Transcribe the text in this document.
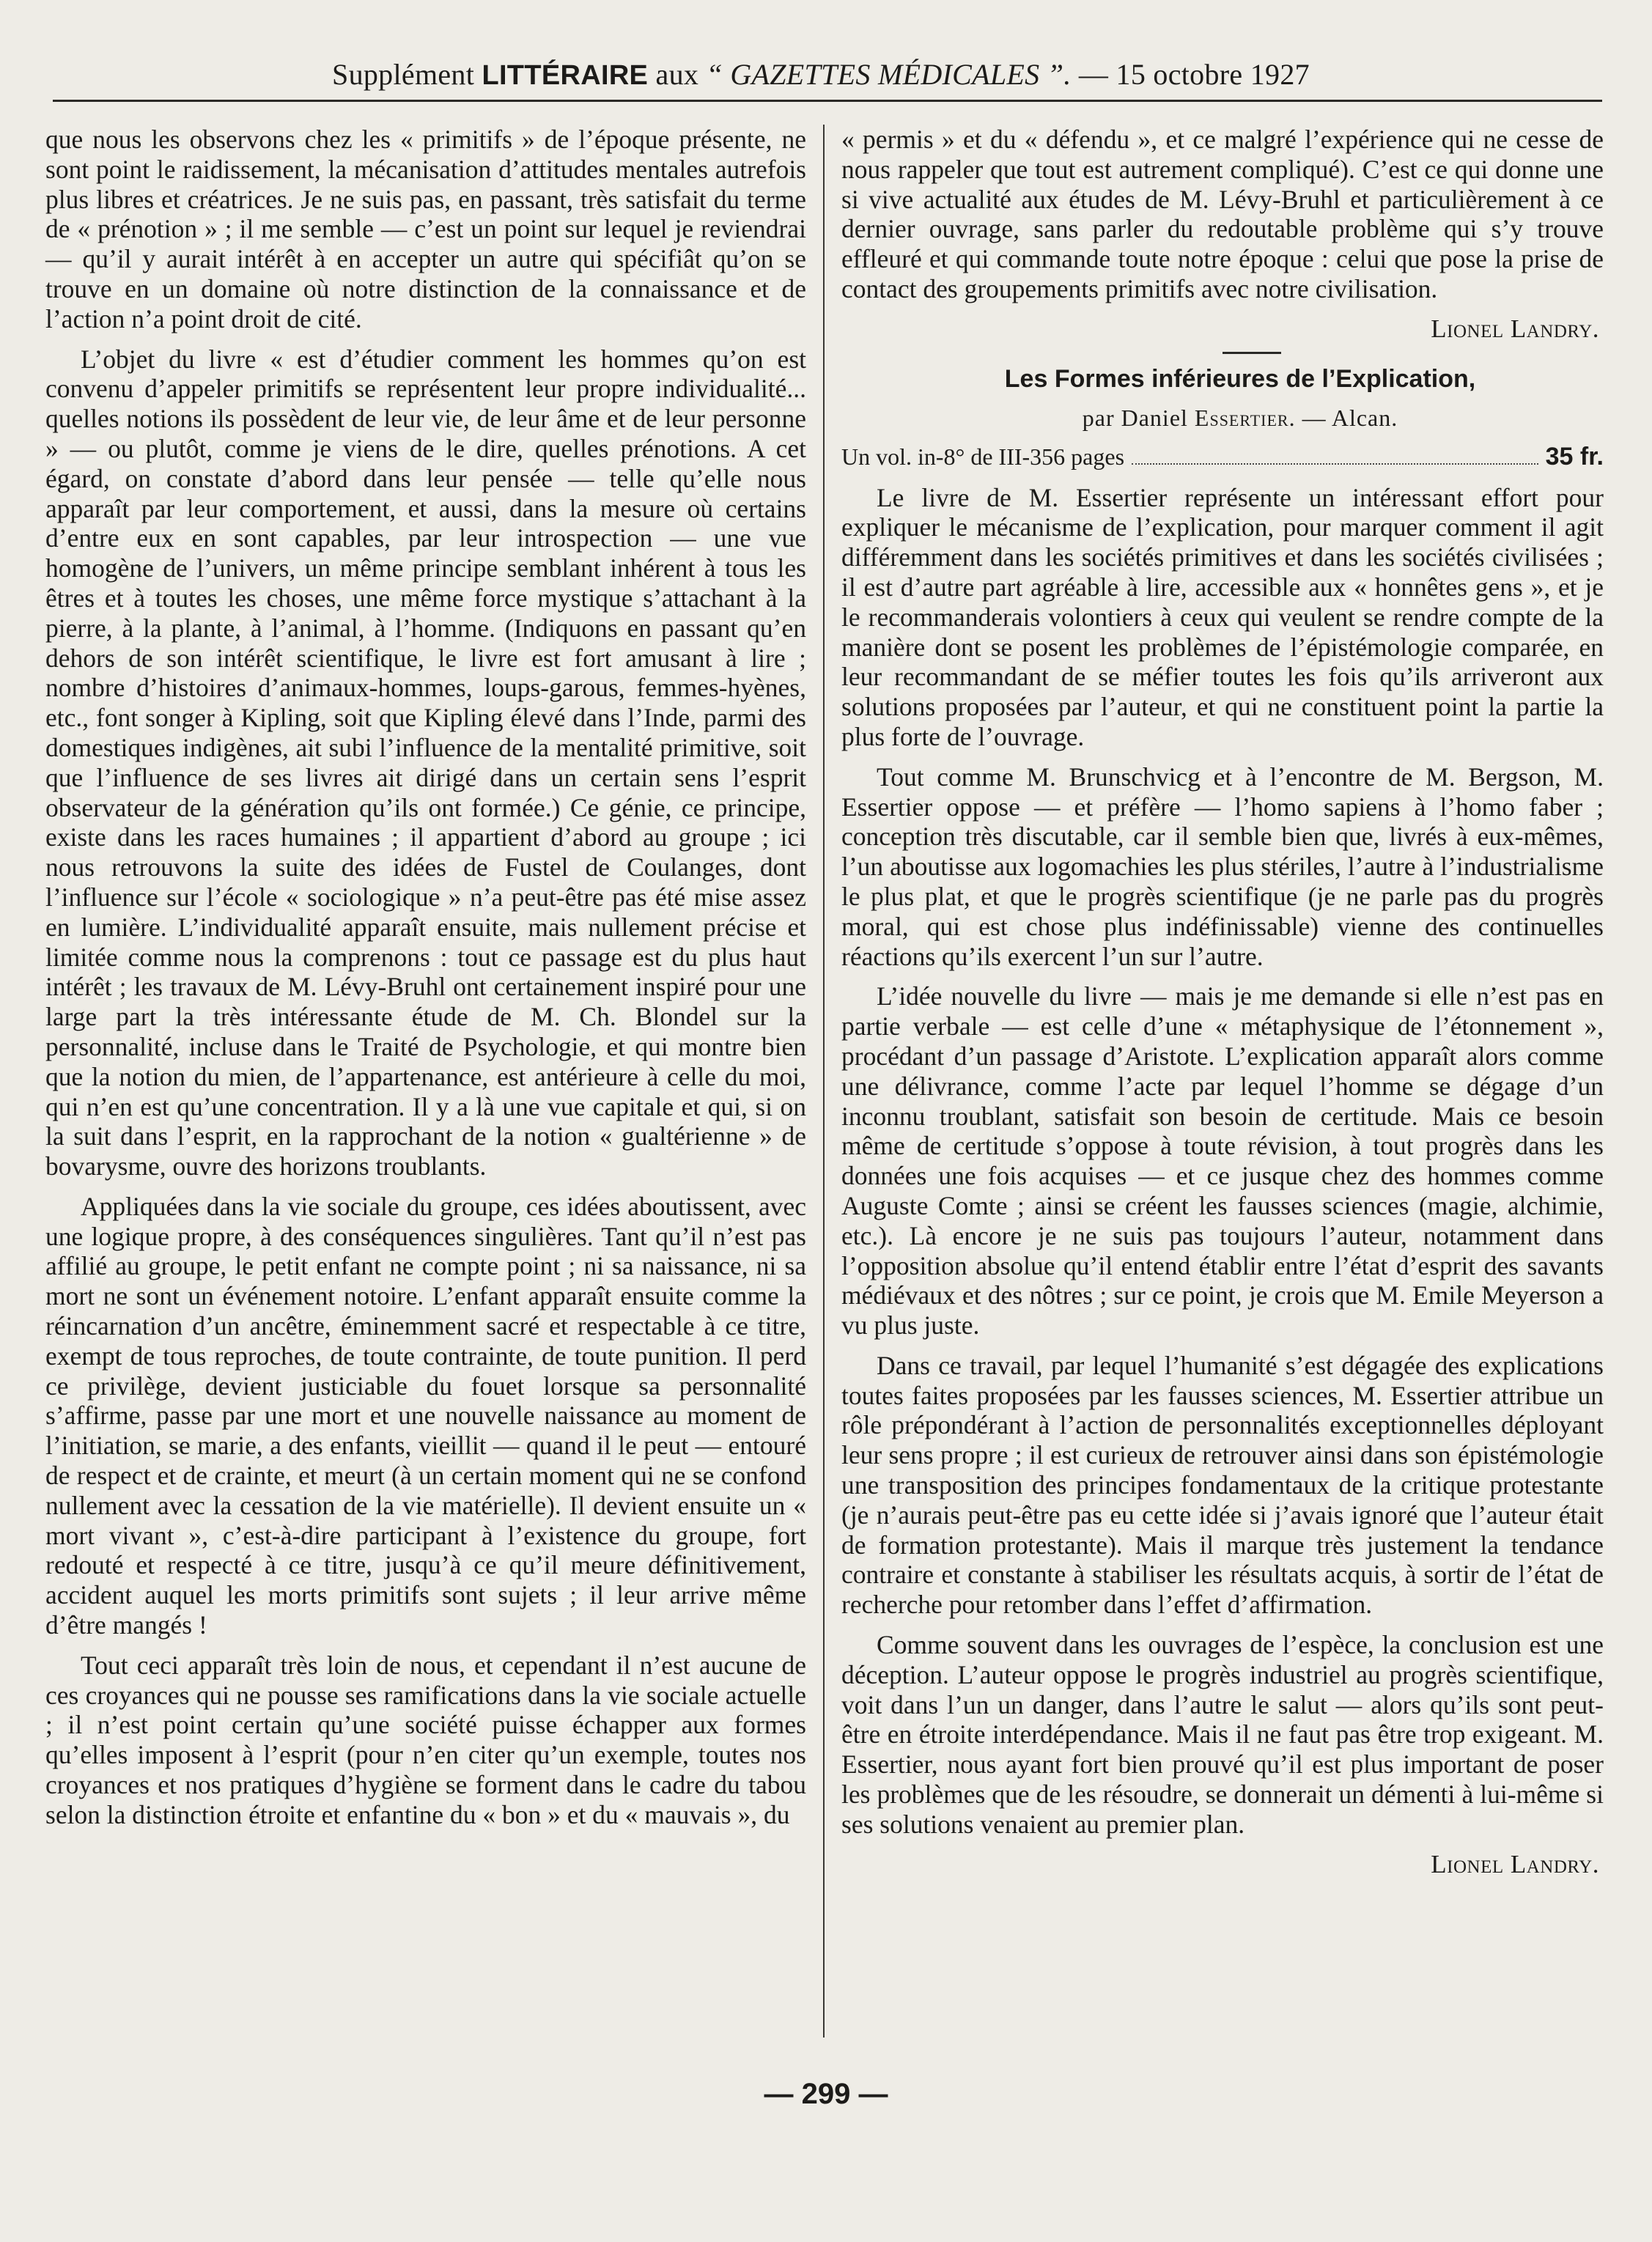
Supplément LITTÉRAIRE aux “ GAZETTES MÉDICALES ”. — 15 octobre 1927

que nous les observons chez les « primitifs » de l’époque présente, ne sont point le raidissement, la mécanisation d’attitudes mentales autrefois plus libres et créatrices. Je ne suis pas, en passant, très satisfait du terme de « prénotion » ; il me semble — c’est un point sur lequel je reviendrai — qu’il y aurait intérêt à en accepter un autre qui spécifiât qu’on se trouve en un domaine où notre distinction de la connaissance et de l’action n’a point droit de cité.

L’objet du livre « est d’étudier comment les hommes qu’on est convenu d’appeler primitifs se représentent leur propre individualité... quelles notions ils possèdent de leur vie, de leur âme et de leur personne » — ou plutôt, comme je viens de le dire, quelles prénotions. A cet égard, on constate d’abord dans leur pensée — telle qu’elle nous apparaît par leur comportement, et aussi, dans la mesure où certains d’entre eux en sont capables, par leur introspection — une vue homogène de l’univers, un même principe semblant inhérent à tous les êtres et à toutes les choses, une même force mystique s’attachant à la pierre, à la plante, à l’animal, à l’homme. (Indiquons en passant qu’en dehors de son intérêt scientifique, le livre est fort amusant à lire ; nombre d’histoires d’animaux-hommes, loups-garous, femmes-hyènes, etc., font songer à Kipling, soit que Kipling élevé dans l’Inde, parmi des domestiques indigènes, ait subi l’influence de la mentalité primitive, soit que l’influence de ses livres ait dirigé dans un certain sens l’esprit observateur de la génération qu’ils ont formée.) Ce génie, ce principe, existe dans les races humaines ; il appartient d’abord au groupe ; ici nous retrouvons la suite des idées de Fustel de Coulanges, dont l’influence sur l’école « sociologique » n’a peut-être pas été mise assez en lumière. L’individualité apparaît ensuite, mais nullement précise et limitée comme nous la comprenons : tout ce passage est du plus haut intérêt ; les travaux de M. Lévy-Bruhl ont certainement inspiré pour une large part la très intéressante étude de M. Ch. Blondel sur la personnalité, incluse dans le Traité de Psychologie, et qui montre bien que la notion du mien, de l’appartenance, est antérieure à celle du moi, qui n’en est qu’une concentration. Il y a là une vue capitale et qui, si on la suit dans l’esprit, en la rapprochant de la notion « gualtérienne » de bovarysme, ouvre des horizons troublants.

Appliquées dans la vie sociale du groupe, ces idées aboutissent, avec une logique propre, à des conséquences singulières. Tant qu’il n’est pas affilié au groupe, le petit enfant ne compte point ; ni sa naissance, ni sa mort ne sont un événement notoire. L’enfant apparaît ensuite comme la réincarnation d’un ancêtre, éminemment sacré et respectable à ce titre, exempt de tous reproches, de toute contrainte, de toute punition. Il perd ce privilège, devient justiciable du fouet lorsque sa personnalité s’affirme, passe par une mort et une nouvelle naissance au moment de l’initiation, se marie, a des enfants, vieillit — quand il le peut — entouré de respect et de crainte, et meurt (à un certain moment qui ne se confond nullement avec la cessation de la vie matérielle). Il devient ensuite un « mort vivant », c’est-à-dire participant à l’existence du groupe, fort redouté et respecté à ce titre, jusqu’à ce qu’il meure définitivement, accident auquel les morts primitifs sont sujets ; il leur arrive même d’être mangés !

Tout ceci apparaît très loin de nous, et cependant il n’est aucune de ces croyances qui ne pousse ses ramifications dans la vie sociale actuelle ; il n’est point certain qu’une société puisse échapper aux formes qu’elles imposent à l’esprit (pour n’en citer qu’un exemple, toutes nos croyances et nos pratiques d’hygiène se forment dans le cadre du tabou selon la distinction étroite et enfantine du « bon » et du « mauvais », du

« permis » et du « défendu », et ce malgré l’expérience qui ne cesse de nous rappeler que tout est autrement compliqué). C’est ce qui donne une si vive actualité aux études de M. Lévy-Bruhl et particulièrement à ce dernier ouvrage, sans parler du redoutable problème qui s’y trouve effleuré et qui commande toute notre époque : celui que pose la prise de contact des groupements primitifs avec notre civilisation.

Lionel Landry.

Les Formes inférieures de l’Explication,

par Daniel Essertier. — Alcan.

Un vol. in-8° de III-356 pages	35 fr.

Le livre de M. Essertier représente un intéressant effort pour expliquer le mécanisme de l’explication, pour marquer comment il agit différemment dans les sociétés primitives et dans les sociétés civilisées ; il est d’autre part agréable à lire, accessible aux « honnêtes gens », et je le recommanderais volontiers à ceux qui veulent se rendre compte de la manière dont se posent les problèmes de l’épistémologie comparée, en leur recommandant de se méfier toutes les fois qu’ils arriveront aux solutions proposées par l’auteur, et qui ne constituent point la partie la plus forte de l’ouvrage.

Tout comme M. Brunschvicg et à l’encontre de M. Bergson, M. Essertier oppose — et préfère — l’homo sapiens à l’homo faber ; conception très discutable, car il semble bien que, livrés à eux-mêmes, l’un aboutisse aux logomachies les plus stériles, l’autre à l’industrialisme le plus plat, et que le progrès scientifique (je ne parle pas du progrès moral, qui est chose plus indéfinissable) vienne des continuelles réactions qu’ils exercent l’un sur l’autre.

L’idée nouvelle du livre — mais je me demande si elle n’est pas en partie verbale — est celle d’une « métaphysique de l’étonnement », procédant d’un passage d’Aristote. L’explication apparaît alors comme une délivrance, comme l’acte par lequel l’homme se dégage d’un inconnu troublant, satisfait son besoin de certitude. Mais ce besoin même de certitude s’oppose à toute révision, à tout progrès dans les données une fois acquises — et ce jusque chez des hommes comme Auguste Comte ; ainsi se créent les fausses sciences (magie, alchimie, etc.). Là encore je ne suis pas toujours l’auteur, notamment dans l’opposition absolue qu’il entend établir entre l’état d’esprit des savants médiévaux et des nôtres ; sur ce point, je crois que M. Emile Meyerson a vu plus juste.

Dans ce travail, par lequel l’humanité s’est dégagée des explications toutes faites proposées par les fausses sciences, M. Essertier attribue un rôle prépondérant à l’action de personnalités exceptionnelles déployant leur sens propre ; il est curieux de retrouver ainsi dans son épistémologie une transposition des principes fondamentaux de la critique protestante (je n’aurais peut-être pas eu cette idée si j’avais ignoré que l’auteur était de formation protestante). Mais il marque très justement la tendance contraire et constante à stabiliser les résultats acquis, à sortir de l’état de recherche pour retomber dans l’effet d’affirmation.

Comme souvent dans les ouvrages de l’espèce, la conclusion est une déception. L’auteur oppose le progrès industriel au progrès scientifique, voit dans l’un un danger, dans l’autre le salut — alors qu’ils sont peut-être en étroite interdépendance. Mais il ne faut pas être trop exigeant. M. Essertier, nous ayant fort bien prouvé qu’il est plus important de poser les problèmes que de les résoudre, se donnerait un démenti à lui-même si ses solutions venaient au premier plan.

Lionel Landry.
— 299 —
